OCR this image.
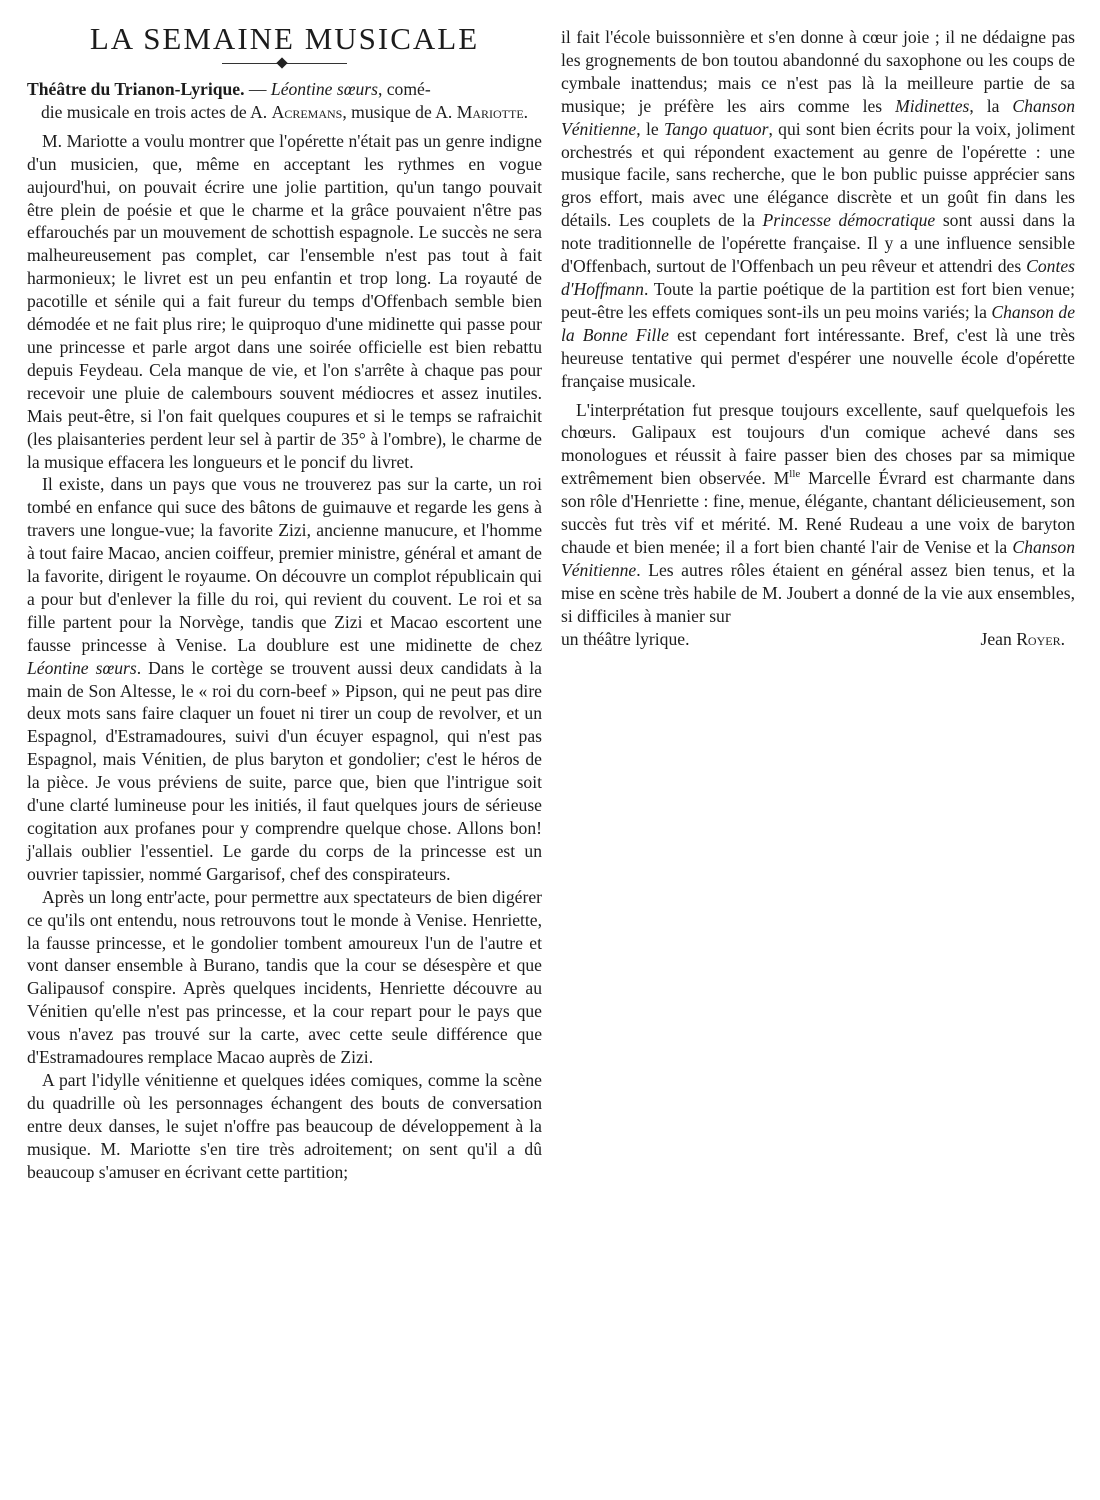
LA SEMAINE MUSICALE

Théâtre du Trianon-Lyrique. — Léontine sœurs, comé-
die musicale en trois actes de A. Acremans, musique de A. Mariotte.

M. Mariotte a voulu montrer que l'opérette n'était pas un genre indigne d'un musicien, que, même en acceptant les rythmes en vogue aujourd'hui, on pouvait écrire une jolie partition, qu'un tango pouvait être plein de poésie et que le charme et la grâce pouvaient n'être pas effarouchés par un mouvement de schottish espagnole. Le succès ne sera malheureusement pas complet, car l'ensemble n'est pas tout à fait harmonieux; le livret est un peu enfantin et trop long. La royauté de pacotille et sénile qui a fait fureur du temps d'Offenbach semble bien démodée et ne fait plus rire; le quiproquo d'une midinette qui passe pour une princesse et parle argot dans une soirée officielle est bien rebattu depuis Feydeau. Cela manque de vie, et l'on s'arrête à chaque pas pour recevoir une pluie de calembours souvent médiocres et assez inutiles. Mais peut-être, si l'on fait quelques coupures et si le temps se rafraichit (les plaisanteries perdent leur sel à partir de 35° à l'ombre), le charme de la musique effacera les longueurs et le poncif du livret.

Il existe, dans un pays que vous ne trouverez pas sur la carte, un roi tombé en enfance qui suce des bâtons de guimauve et regarde les gens à travers une longue-vue; la favorite Zizi, ancienne manucure, et l'homme à tout faire Macao, ancien coiffeur, premier ministre, général et amant de la favorite, dirigent le royaume. On découvre un complot républicain qui a pour but d'enlever la fille du roi, qui revient du couvent. Le roi et sa fille partent pour la Norvège, tandis que Zizi et Macao escortent une fausse princesse à Venise. La doublure est une midinette de chez Léontine sœurs. Dans le cortège se trouvent aussi deux candidats à la main de Son Altesse, le « roi du corn-beef » Pipson, qui ne peut pas dire deux mots sans faire claquer un fouet ni tirer un coup de revolver, et un Espagnol, d'Estramadoures, suivi d'un écuyer espagnol, qui n'est pas Espagnol, mais Vénitien, de plus baryton et gondolier; c'est le héros de la pièce. Je vous préviens de suite, parce que, bien que l'intrigue soit d'une clarté lumineuse pour les initiés, il faut quelques jours de sérieuse cogitation aux profanes pour y comprendre quelque chose. Allons bon! j'allais oublier l'essentiel. Le garde du corps de la princesse est un ouvrier tapissier, nommé Gargarisof, chef des conspirateurs.

Après un long entr'acte, pour permettre aux spectateurs de bien digérer ce qu'ils ont entendu, nous retrouvons tout le monde à Venise. Henriette, la fausse princesse, et le gondolier tombent amoureux l'un de l'autre et vont danser ensemble à Burano, tandis que la cour se désespère et que Galipausof conspire. Après quelques incidents, Henriette découvre au Vénitien qu'elle n'est pas princesse, et la cour repart pour le pays que vous n'avez pas trouvé sur la carte, avec cette seule différence que d'Estramadoures remplace Macao auprès de Zizi.

A part l'idylle vénitienne et quelques idées comiques, comme la scène du quadrille où les personnages échangent des bouts de conversation entre deux danses, le sujet n'offre pas beaucoup de développement à la musique. M. Mariotte s'en tire très adroitement; on sent qu'il a dû beaucoup s'amuser en écrivant cette partition;

il fait l'école buissonnière et s'en donne à cœur joie ; il ne dédaigne pas les grognements de bon toutou abandonné du saxophone ou les coups de cymbale inattendus; mais ce n'est pas là la meilleure partie de sa musique; je préfère les airs comme les Midinettes, la Chanson Vénitienne, le Tango quatuor, qui sont bien écrits pour la voix, joliment orchestrés et qui répondent exactement au genre de l'opérette : une musique facile, sans recherche, que le bon public puisse apprécier sans gros effort, mais avec une élégance discrète et un goût fin dans les détails. Les couplets de la Princesse démocratique sont aussi dans la note traditionnelle de l'opérette française. Il y a une influence sensible d'Offenbach, surtout de l'Offenbach un peu rêveur et attendri des Contes d'Hoffmann. Toute la partie poétique de la partition est fort bien venue; peut-être les effets comiques sont-ils un peu moins variés; la Chanson de la Bonne Fille est cependant fort intéressante. Bref, c'est là une très heureuse tentative qui permet d'espérer une nouvelle école d'opérette française musicale.

L'interprétation fut presque toujours excellente, sauf quelquefois les chœurs. Galipaux est toujours d'un comique achevé dans ses monologues et réussit à faire passer bien des choses par sa mimique extrêmement bien observée. $M^{lle}$ Marcelle Évrard est charmante dans son rôle d'Henriette : fine, menue, élégante, chantant délicieusement, son succès fut très vif et mérité. M. René Rudeau a une voix de baryton chaude et bien menée; il a fort bien chanté l'air de Venise et la Chanson Vénitienne. Les autres rôles étaient en général assez bien tenus, et la mise en scène très habile de M. Joubert a donné de la vie aux ensembles, si difficiles à manier sur

un théâtre lyrique.	Jean Royer.
